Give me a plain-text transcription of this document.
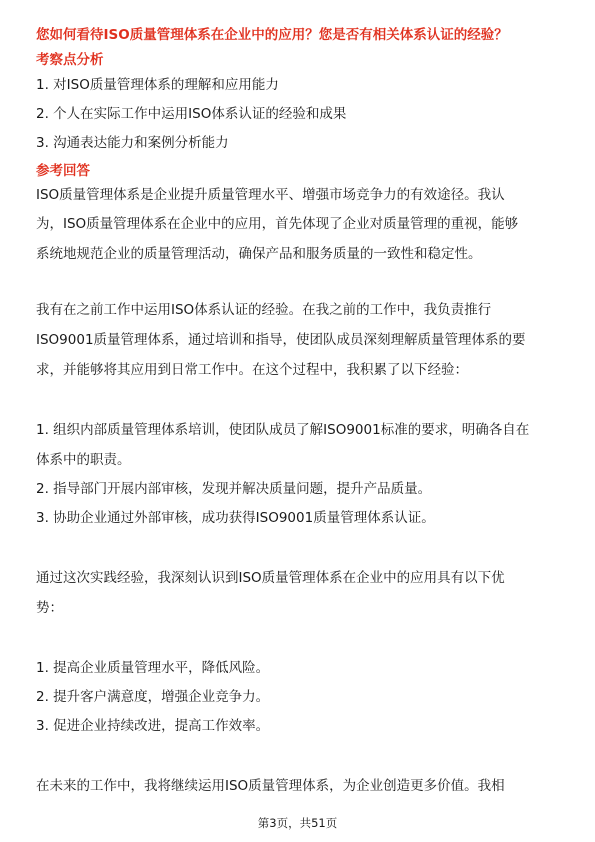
您如何看待ISO质量管理体系在企业中的应用？您是否有相关体系认证的经验？

考察点分析

1. 对ISO质量管理体系的理解和应用能力

2. 个人在实际工作中运用ISO体系认证的经验和成果

3. 沟通表达能力和案例分析能力

参考回答

ISO质量管理体系是企业提升质量管理水平、增强市场竞争力的有效途径。我认

为，ISO质量管理体系在企业中的应用，首先体现了企业对质量管理的重视，能够

系统地规范企业的质量管理活动，确保产品和服务质量的一致性和稳定性。

我有在之前工作中运用ISO体系认证的经验。在我之前的工作中，我负责推行

ISO9001质量管理体系，通过培训和指导，使团队成员深刻理解质量管理体系的要

求，并能够将其应用到日常工作中。在这个过程中，我积累了以下经验：

1. 组织内部质量管理体系培训，使团队成员了解ISO9001标准的要求，明确各自在

体系中的职责。

2. 指导部门开展内部审核，发现并解决质量问题，提升产品质量。

3. 协助企业通过外部审核，成功获得ISO9001质量管理体系认证。

通过这次实践经验，我深刻认识到ISO质量管理体系在企业中的应用具有以下优

势：

1. 提高企业质量管理水平，降低风险。

2. 提升客户满意度，增强企业竞争力。

3. 促进企业持续改进，提高工作效率。

在未来的工作中，我将继续运用ISO质量管理体系，为企业创造更多价值。我相

第3页，共51页
